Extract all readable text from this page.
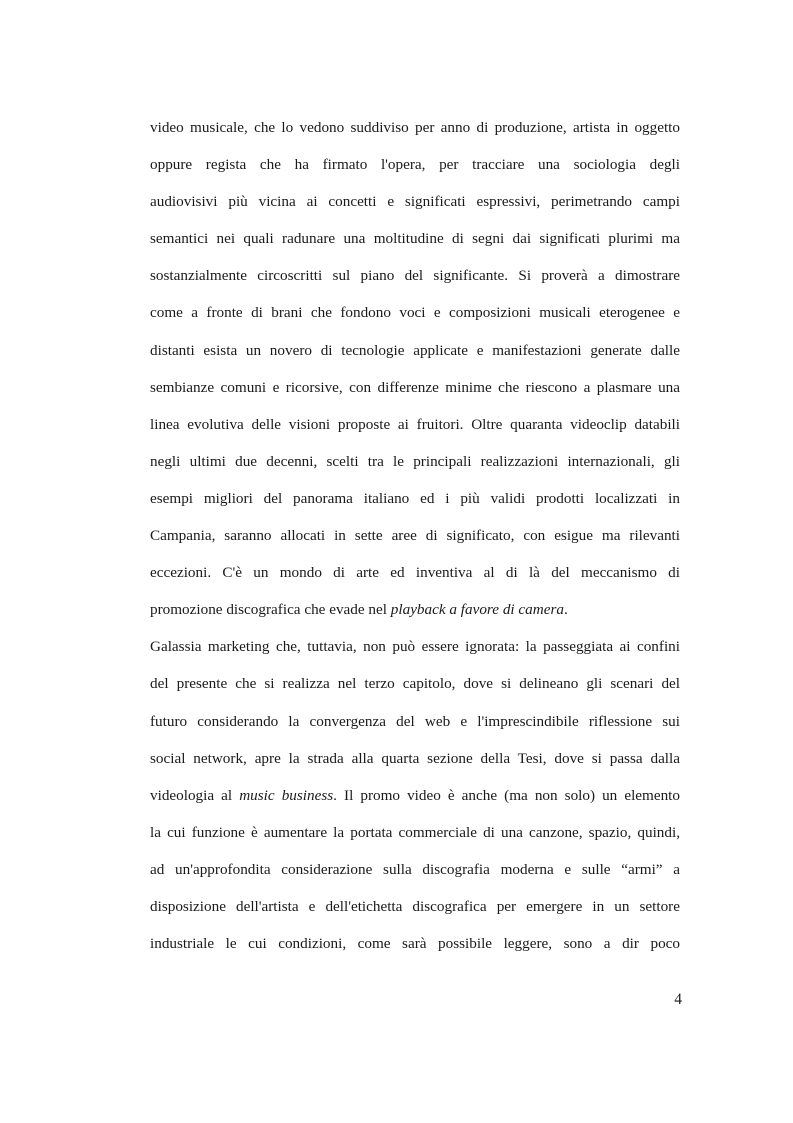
video musicale, che lo vedono suddiviso per anno di produzione, artista in oggetto
oppure regista che ha firmato l'opera, per tracciare una sociologia degli
audiovisivi più vicina ai concetti e significati espressivi, perimetrando campi
semantici nei quali radunare una moltitudine di segni dai significati plurimi ma
sostanzialmente circoscritti sul piano del significante. Si proverà a dimostrare
come a fronte di brani che fondono voci e composizioni musicali eterogenee e
distanti esista un novero di tecnologie applicate e manifestazioni generate dalle
sembianze comuni e ricorsive, con differenze minime che riescono a plasmare una
linea evolutiva delle visioni proposte ai fruitori. Oltre quaranta videoclip databili
negli ultimi due decenni, scelti tra le principali realizzazioni internazionali, gli
esempi migliori del panorama italiano ed i più validi prodotti localizzati in
Campania, saranno allocati in sette aree di significato, con esigue ma rilevanti
eccezioni. C'è un mondo di arte ed inventiva al di là del meccanismo di
promozione discografica che evade nel playback a favore di camera.
Galassia marketing che, tuttavia, non può essere ignorata: la passeggiata ai confini
del presente che si realizza nel terzo capitolo, dove si delineano gli scenari del
futuro considerando la convergenza del web e l'imprescindibile riflessione sui
social network, apre la strada alla quarta sezione della Tesi, dove si passa dalla
videologia al music business. Il promo video è anche (ma non solo) un elemento
la cui funzione è aumentare la portata commerciale di una canzone, spazio, quindi,
ad un'approfondita considerazione sulla discografia moderna e sulle “armi” a
disposizione dell'artista e dell'etichetta discografica per emergere in un settore
industriale le cui condizioni, come sarà possibile leggere, sono a dir poco
4
